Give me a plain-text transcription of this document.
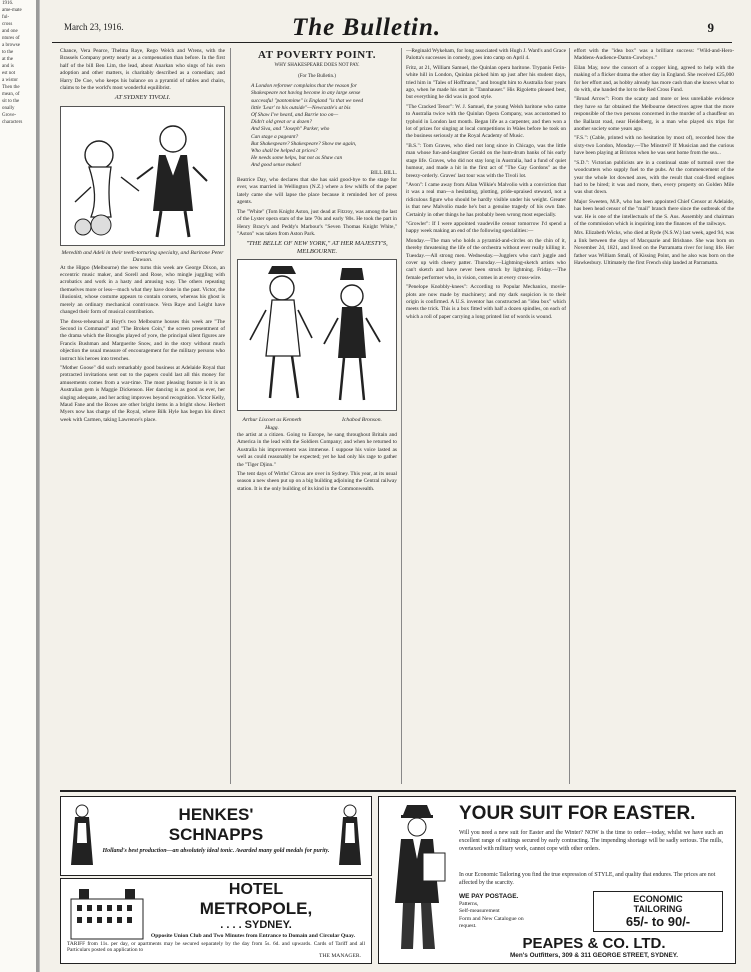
1916.
ame-mate
ful-
cross
and one
ntures of
a browse
to the
at the
and is
est not
a wistor
Then the
mean, of
sit to the
onally
Grove-
characters
March 23, 1916.	The Bulletin.	9

Chance, Vera Pearce, Thelma Raye, Rego Welch and Wrens, with the Brassels Company pretty nearly as a compensation than before. In the first half of the bill Ben Lim, the lead, about Anarkan who sings of his own adoption and other matters, is charitably described as a comedian; and Harry De Coe, who keeps his balance on a pyramid of tables and chairs, claims to be the world's most wonderful equilibrist.

AT SYDNEY TIVOLI.
Meredith and Adeli in their teeth-torturing specialty, and Baritone Peter Dawson.

At the Hippo (Melbourne) the new turns this week are George Dixon, an eccentric music maker, and Sorell and Rose, who mingle juggling with acrobatics and work in a hasty and amusing way. The others repeating themselves more or less—much what they have done in the past. Victor, the illusionist, whose costume appears to contain corsets, whereas his ghost is merely an ordinary mechanical contrivance. Vera Raye and Leight have changed their form of musical contribution.

The dress-rehearsal at Hoyt's two Melbourne houses this week are "The Second in Command" and "The Broken Coin," the screen presentment of the drama which the Broughs played of yore, the principal silent figures are Francis Bushman and Marguerite Snow, and in the story without much objection the usual measure of encouragement for the military persons who instruct his heroes into trenches.

"Mother Goose" did such remarkably good business at Adelaide Royal that protracted invitations sent out to the papers could last all this money for amusements comes from a war-time. The most pleasing feature is it is an Australian gem is Maggie Dickenson. Her dancing is as good as ever, her singing adequate, and her acting improves beyond recognition. Victor Kelly, Maud Fane and the Boxes are other bright items in a bright show. Herbert Myers now has charge of the Royal, where Bilk Hyle has begun his direct week with Carmen, taking Lawrence's place.

AT POVERTY POINT.
WHY SHAKESPEARE DOES NOT PAY.
(For The Bulletin.)
A London reformer complains that the reason for
Shakespeare not having become in any large sense
successful "pantomime" is England "is that we need
little 'Lear' to his outside"—Newcastle's at bis
Of Shaw I've heard, and Barrie too on—
Didn't old great or a dozen?
And Siva, and "Joseph" Parker, who
Can stage a pageant?
But Shakespeare? Shakespeare? Show me again,
Who shall be helped at prices?
He needs some helps, but not as Shaw can
And good sense makes!
BILL BILL.

Beatrice Day, who declares that she has said good-bye to the stage for ever, was married in Wellington (N.Z.) where a few whiffs of the paper lately came she will lapse the place because it reminded her of press agents.

The "White" (Tom Knight Aston, just dead at Fitzroy, was among the last of the Lyster opera stars of the late '70s and early '80s. He took the part in Henry Bracy's and Peddy's Marbour's "Seven Thomas Knight White," "Aston" was taken from Aston Park.

"THE BELLE OF NEW YORK," AT HER MAJESTY'S, MELBOURNE.
Arthur Liscoet as Kenneth Hugg.
Ichabod Bronson.

the artist at a citizen. Going to Europe, he sang throughout Britain and America in the lead with the Soldiers Company; and when he returned to Australia his improvement was immense. I suppose his voice lasted as well as could reasonably be expected; yet he had only his rage to gather the "Tiger Djinn."

The tent days of Wirths' Circus are over in Sydney. This year, at its usual season a new sheen put up on a big building adjoining the Central railway station. It is the only building of its kind in the Commonwealth.

—Reginald Wykeham, for long associated with Hugh J. Ward's and Grace Palotta's successes in comedy, goes into camp on April 4.

Fritz, at 21, William Samuel, the Quinlan opera baritone. Trypanis Ferin-white hill in London, Quinlan picked him up just after his student days, tried him in "Tales of Hoffmann," and brought him to Australia four years ago, when he made his start in "Tannhauser." His Rigoletto pleased best, but everything he did was in good style.

"The Cracked Tenor": W. J. Samuel, the young Welsh baritone who came to Australia twice with the Quinlan Opera Company, was accustomed to typhoid in London last month. Began life as a carpenter, and then won a lot of prizes for singing at local competitions in Wales before he took on the business seriously at the Royal Academy of Music.

"B.S.": Tom Graves, who died not long since in Chicago, was the little man whose fun-and-laughter Gerald on the hum-drum banks of his early stage life. Graves, who did not stay long in Australia, had a fund of quiet humour, and made a hit in the first act of "The Gay Gordons" as the breezy-orderly. Graves' last tour was with the Tivoli lot.

"Avon": I came away from Allan Wilkie's Malvolio with a conviction that it was a real man—a hesitating, plotting, pride-upraised steward, not a ridiculous figure who should be hardly visible under his weight. Greater is that new Malvolio made he's but a genuine tragedy of his own fate. Certainly in other things he has probably been wrong most especially.

"Growler": If I were appointed vaudeville censor tomorrow I'd spend a happy week making an end of the following specialities:—

Monday.—The man who holds a pyramid-and-circles on the chin of it, thereby threatening the life of the orchestra without ever really killing it. Tuesday.—All strong men. Wednesday.—Jugglers who can't juggle and cover up with cheery patter. Thursday.—Lightning-sketch artists who can't sketch and have never been struck by lightning. Friday.—The female performer who, in vision, comes in at every cross-wire.

"Penelope Knobbly-knees": According to Popular Mechanics, movie-plots are now made by machinery; and my dark suspicion is to their origin is confirmed. A U.S. inventor has constructed an "idea box" which meets the trick. This is a box fitted with half a dozen spindles, on each of which a roll of paper carrying a long printed list of words is wound.

effort with the "idea box" was a brilliant success: "Wild-and-Hero-Maddens-Audience-Damn-Cowboys."

Eilan May, now the consort of a copper king, agreed to help with the making of a flicker drama the other day in England. She received £25,000 for her effort and, as hobby already has more cash than she knows what to do with, she handed the lot to the Red Cross Fund.

"Broad Arrow": From the scanty and more or less unreliable evidence they have so far obtained the Melbourne detectives agree that the more responsible of the two persons concerned in the murder of a chauffeur on the Ballarat road, near Heidelberg, is a man who played six trips for another society some years ago.

"F.S.": (Cable, printed with no hesitation by most of), recorded how the sixty-two London, Monday.—The Minstrel? If Musician and the curious have been playing at Brixton when he was sent home from the sea...

"S.D.": Victorian publicists are in a continual state of turmoil over the woodcutters who supply fuel to the pubs. At the commencement of the year the whole lot downed axes, with the result that coal-fired engines had to be hired; it was and more, then, every property on Golden Mile was shut down.

Major Sweeten, M.P., who has been appointed Chief Censor at Adelaide, has been head censor of the "mail" branch there since the outbreak of the war. He is one of the intellectuals of the S. Aus. Assembly and chairman of the commission which is inquiring into the finances of the railways.

Mrs. Elizabeth Wicks, who died at Ryde (N.S.W.) last week, aged 94, was a link between the days of Macquarie and Brisbane. She was born on November 24, 1821, and lived on the Parramatta river for long life. Her father was William Small, of Kissing Point, and he also was born on the Hawkesbury. Ultimately the first French ship landed at Parramatta.

HENKES'
SCHNAPPS
Holland's best production—an absolutely ideal tonic. Awarded many gold medals for purity.
HOTEL
METROPOLE,
. . . . SYDNEY.
Opposite Union Club and Two Minutes from Entrance to Domain and Circular Quay.
TARIFF from 11s. per day, or apartments may be secured separately by the day from 5s. 6d. and upwards. Cards of Tariff and all Particulars posted on application to
THE MANAGER.
YOUR SUIT FOR EASTER.
Will you need a new suit for Easter and the Winter? NOW is the time to order—today, whilst we have such an excellent range of suitings secured by early contracting. The impending shortage will be sadly serious. The mills, overtaxed with military work, cannot cope with other orders.
In our Economic Tailoring you find the true expression of STYLE, and quality that endures. The prices are not affected by the scarcity.
WE PAY POSTAGE.
Patterns,
Self-measurement
Form and New Catalogue on
request.
ECONOMIC
TAILORING
65/- to 90/-
PEAPES & CO. LTD.
Men's Outfitters, 309 & 311 GEORGE STREET, SYDNEY.
